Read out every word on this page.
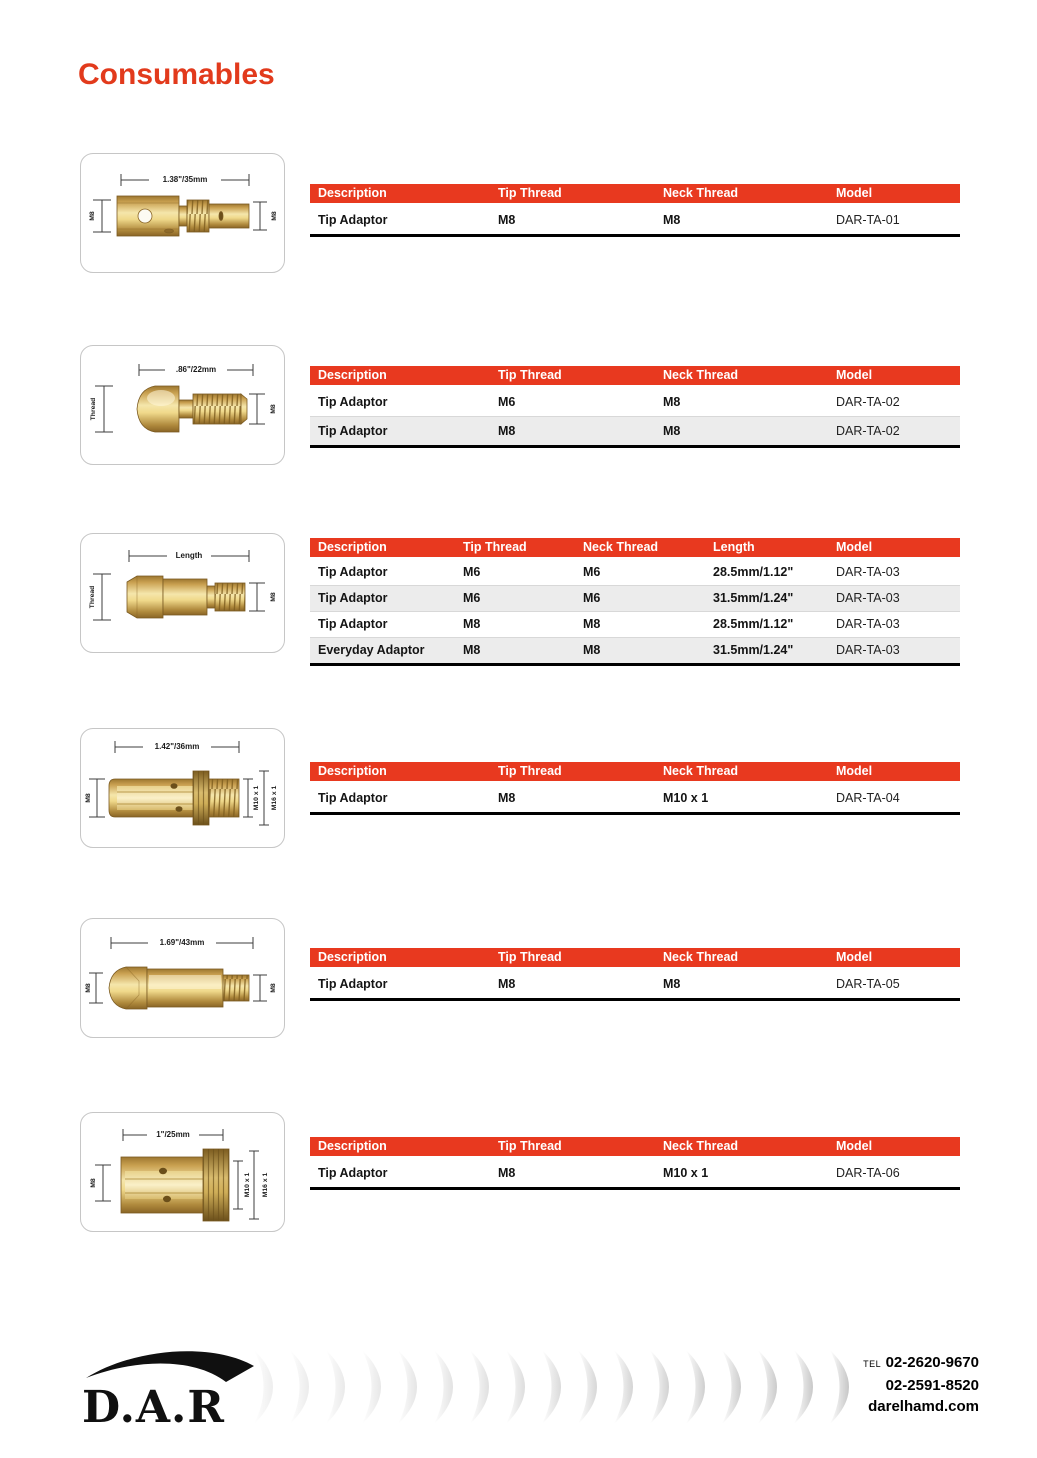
Consumables
1.38"/35mm
M8	M8
Description	Tip Thread	Neck Thread	Model
Tip Adaptor	M8	M8	DAR-TA-01
.86"/22mm
Thread	M8
Description	Tip Thread	Neck Thread	Model
Tip Adaptor	M6	M8	DAR-TA-02
Tip Adaptor	M8	M8	DAR-TA-02
Length
Thread	M8
Description	Tip Thread	Neck Thread	Length	Model
Tip Adaptor	M6	M6	28.5mm/1.12"	DAR-TA-03
Tip Adaptor	M6	M6	31.5mm/1.24"	DAR-TA-03
Tip Adaptor	M8	M8	28.5mm/1.12"	DAR-TA-03
Everyday Adaptor	M8	M8	31.5mm/1.24"	DAR-TA-03
1.42"/36mm
M8	M10 x 1 M16 x 1
Description	Tip Thread	Neck Thread	Model
Tip Adaptor	M8	M10 x 1	DAR-TA-04
1.69"/43mm
M8	M8
Description	Tip Thread	Neck Thread	Model
Tip Adaptor	M8	M8	DAR-TA-05
1"/25mm
M8	M10 x 1 M16 x 1
Description	Tip Thread	Neck Thread	Model
Tip Adaptor	M8	M10 x 1	DAR-TA-06
D.A.R
TEL 02-2620-9670
02-2591-8520
darelhamd.com
